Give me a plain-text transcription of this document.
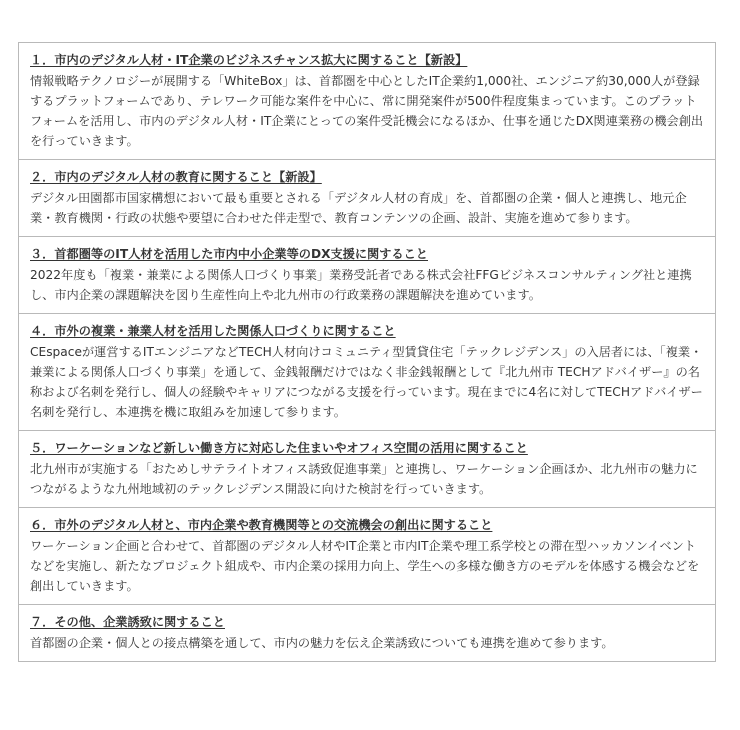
１．市内のデジタル人材・IT企業のビジネスチャンス拡大に関すること【新設】

情報戦略テクノロジーが展開する「WhiteBox」は、首都圏を中心としたIT企業約1,000社、エンジニア約30,000人が登録するプラットフォームであり、テレワーク可能な案件を中心に、常に開発案件が500件程度集まっています。このプラットフォームを活用し、市内のデジタル人材・IT企業にとっての案件受託機会になるほか、仕事を通じたDX関連業務の機会創出を行っていきます。

２．市内のデジタル人材の教育に関すること【新設】

デジタル田園都市国家構想において最も重要とされる「デジタル人材の育成」を、首都圏の企業・個人と連携し、地元企業・教育機関・行政の状態や要望に合わせた伴走型で、教育コンテンツの企画、設計、実施を進めて参ります。

３．首都圏等のIT人材を活用した市内中小企業等のDX支援に関すること

2022年度も「複業・兼業による関係人口づくり事業」業務受託者である株式会社FFGビジネスコンサルティング社と連携し、市内企業の課題解決を図り生産性向上や北九州市の行政業務の課題解決を進めています。

４．市外の複業・兼業人材を活用した関係人口づくりに関すること

CEspaceが運営するITエンジニアなどTECH人材向けコミュニティ型賃貸住宅「テックレジデンス」の入居者には、「複業・兼業による関係人口づくり事業」を通して、金銭報酬だけではなく非金銭報酬として『北九州市 TECHアドバイザー』の名称および名刺を発行し、個人の経験やキャリアにつながる支援を行っています。現在までに4名に対してTECHアドバイザー名刺を発行し、本連携を機に取組みを加速して参ります。

５．ワーケーションなど新しい働き方に対応した住まいやオフィス空間の活用に関すること

北九州市が実施する「おためしサテライトオフィス誘致促進事業」と連携し、ワーケーション企画ほか、北九州市の魅力につながるような九州地域初のテックレジデンス開設に向けた検討を行っていきます。

６．市外のデジタル人材と、市内企業や教育機関等との交流機会の創出に関すること

ワーケーション企画と合わせて、首都圏のデジタル人材やIT企業と市内IT企業や理工系学校との滞在型ハッカソンイベントなどを実施し、新たなプロジェクト組成や、市内企業の採用力向上、学生への多様な働き方のモデルを体感する機会などを創出していきます。

７．その他、企業誘致に関すること

首都圏の企業・個人との接点構築を通して、市内の魅力を伝え企業誘致についても連携を進めて参ります。
